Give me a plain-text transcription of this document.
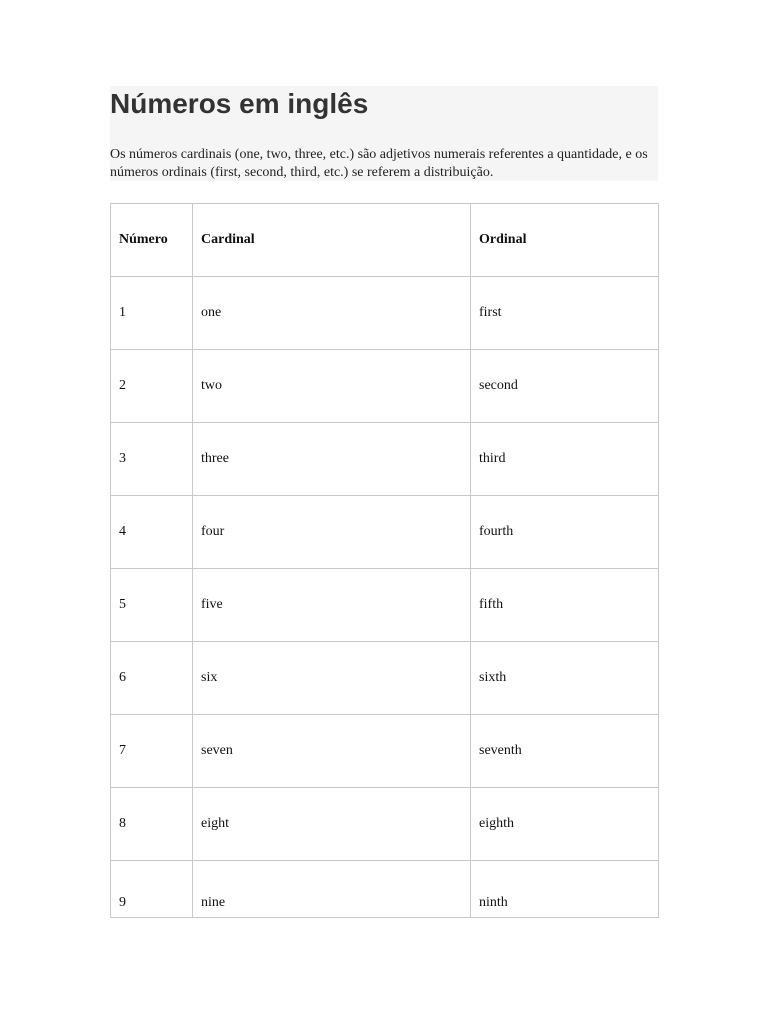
Números em inglês

Os números cardinais (one, two, three, etc.) são adjetivos numerais referentes a quantidade, e os números ordinais (first, second, third, etc.) se referem a distribuição.

Número	Cardinal	Ordinal
1	one	first
2	two	second
3	three	third
4	four	fourth
5	five	fifth
6	six	sixth
7	seven	seventh
8	eight	eighth
9	nine	ninth
